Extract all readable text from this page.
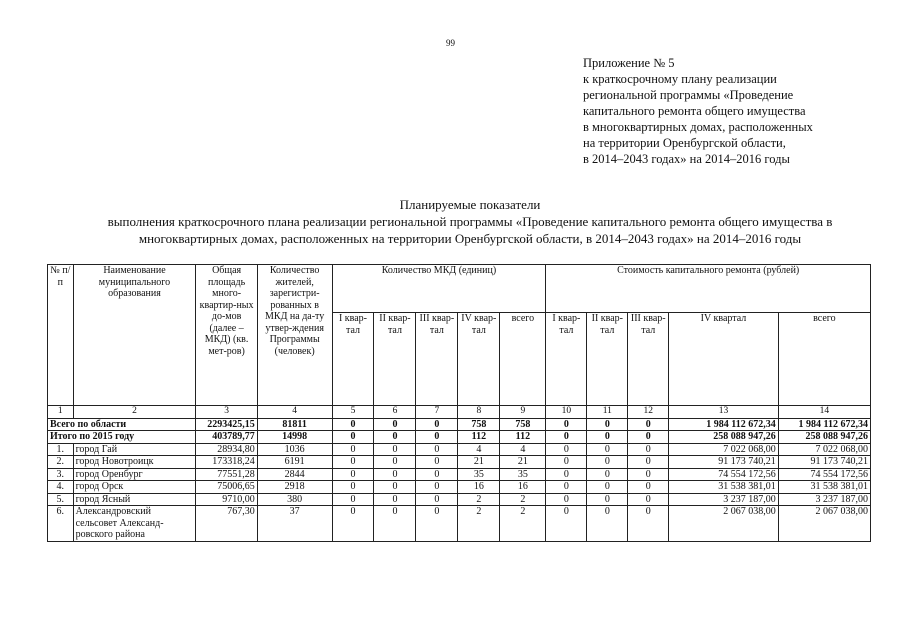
99
Приложение № 5
к краткосрочному плану реализации
региональной программы «Проведение
капитального ремонта общего имущества
в многоквартирных домах, расположенных
на территории Оренбургской области,
в 2014–2043 годах» на 2014–2016 годы
Планируемые показатели
выполнения краткосрочного плана реализации региональной программы «Проведение капитального ремонта общего имущества в
многоквартирных домах, расположенных на территории Оренбургской области, в 2014–2043 годах» на 2014–2016 годы
№ п/п	Наименование муниципального образования	Общая площадь много-квартир-ных до-мов (далее – МКД) (кв. мет-ров)	Количество жителей, зарегистри-рованных в МКД на да-ту утвер-ждения Программы (человек)	Количество МКД (единиц)					Стоимость капитального ремонта (рублей)				
				I квар-тал	II квар-тал	III квар-тал	IV квар-тал	всего	I квар-тал	II квар-тал	III квар-тал	IV квартал	всего
1	2	3	4	5	6	7	8	9	10	11	12	13	14
Всего по области		2293425,15	81811	0	0	0	758	758	0	0	0	1 984 112 672,34	1 984 112 672,34
Итого по 2015 году		403789,77	14998	0	0	0	112	112	0	0	0	258 088 947,26	258 088 947,26
1.	город Гай	28934,80	1036	0	0	0	4	4	0	0	0	7 022 068,00	7 022 068,00
2.	город Новотроицк	173318,24	6191	0	0	0	21	21	0	0	0	91 173 740,21	91 173 740,21
3.	город Оренбург	77551,28	2844	0	0	0	35	35	0	0	0	74 554 172,56	74 554 172,56
4.	город Орск	75006,65	2918	0	0	0	16	16	0	0	0	31 538 381,01	31 538 381,01
5.	город Ясный	9710,00	380	0	0	0	2	2	0	0	0	3 237 187,00	3 237 187,00
6.	Александровский сельсовет Александ-ровского района	767,30	37	0	0	0	2	2	0	0	0	2 067 038,00	2 067 038,00
